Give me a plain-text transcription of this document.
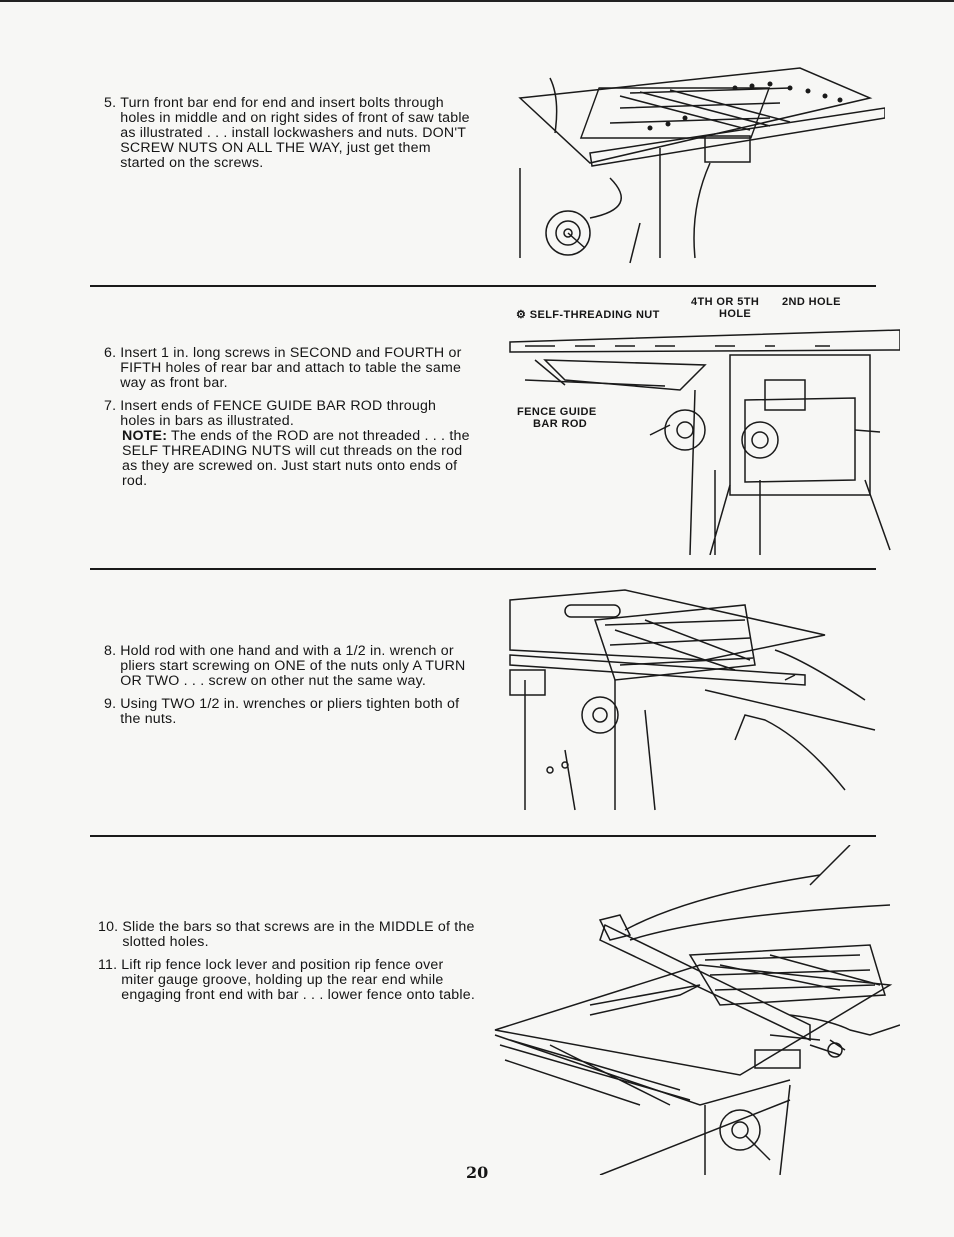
5. Turn front bar end for end and insert bolts through holes in middle and on right sides of front of saw table as illustrated . . . install lockwashers and nuts. DON'T SCREW NUTS ON ALL THE WAY, just get them started on the screws.
6. Insert 1 in. long screws in SECOND and FOURTH or FIFTH holes of rear bar and attach to table the same way as front bar.
7. Insert ends of FENCE GUIDE BAR ROD through holes in bars as illustrated.
NOTE: The ends of the ROD are not threaded . . . the SELF THREADING NUTS will cut threads on the rod as they are screwed on. Just start nuts onto ends of rod.
⚙ SELF-THREADING NUT
4TH OR 5TH
HOLE
2ND HOLE
FENCE GUIDE
BAR ROD
8. Hold rod with one hand and with a 1/2 in. wrench or pliers start screwing on ONE of the nuts only A TURN OR TWO . . . screw on other nut the same way.
9. Using TWO 1/2 in. wrenches or pliers tighten both of the nuts.
10. Slide the bars so that screws are in the MIDDLE of the slotted holes.
11. Lift rip fence lock lever and position rip fence over miter gauge groove, holding up the rear end while engaging front end with bar . . . lower fence onto table.
20
